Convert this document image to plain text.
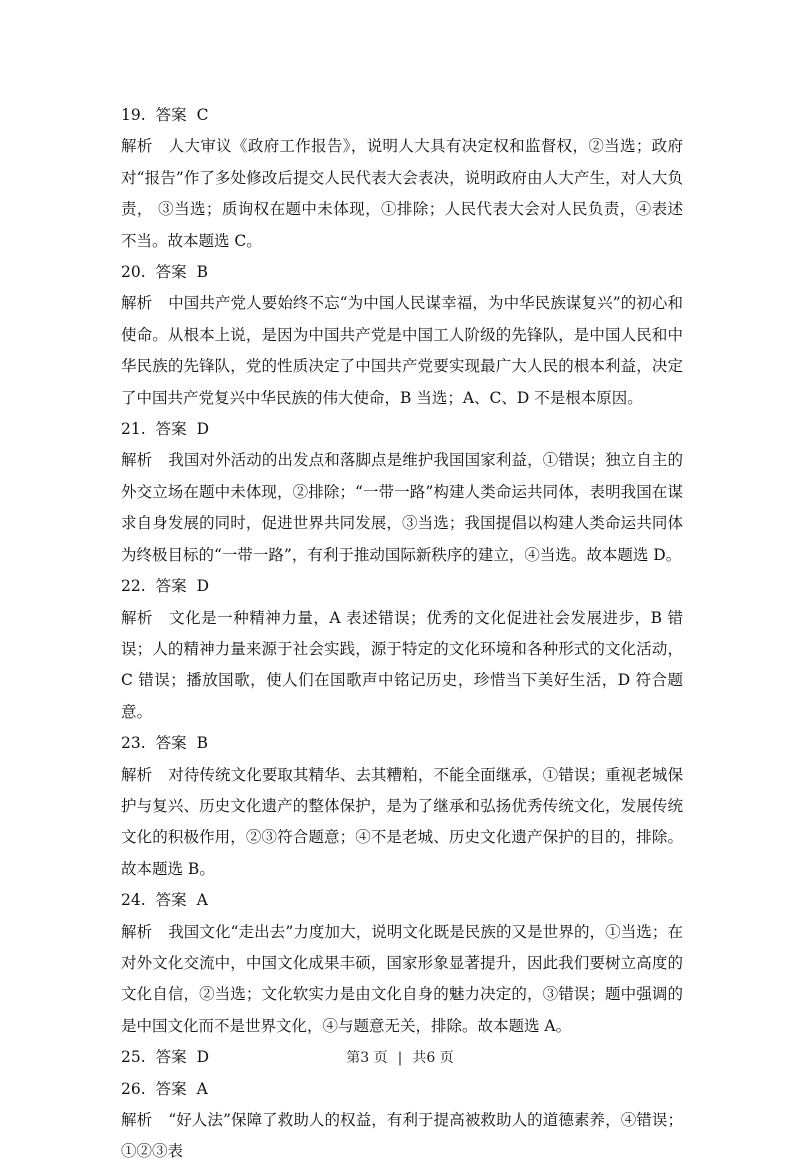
19. 答案 C

解析 人大审议《政府工作报告》，说明人大具有决定权和监督权，②当选；政府对“报告”作了多处修改后提交人民代表大会表决，说明政府由人大产生，对人大负责， ③当选；质询权在题中未体现，①排除；人民代表大会对人民负责，④表述不当。故本题选 C。

20. 答案 B

解析 中国共产党人要始终不忘“为中国人民谋幸福，为中华民族谋复兴”的初心和使命。从根本上说，是因为中国共产党是中国工人阶级的先锋队，是中国人民和中华民族的先锋队，党的性质决定了中国共产党要实现最广大人民的根本利益，决定了中国共产党复兴中华民族的伟大使命，B 当选；A、C、D 不是根本原因。

21. 答案 D

解析 我国对外活动的出发点和落脚点是维护我国国家利益，①错误；独立自主的外交立场在题中未体现，②排除；“一带一路”构建人类命运共同体，表明我国在谋求自身发展的同时，促进世界共同发展，③当选；我国提倡以构建人类命运共同体为终极目标的“一带一路”，有利于推动国际新秩序的建立，④当选。故本题选 D。

22. 答案 D

解析 文化是一种精神力量，A 表述错误；优秀的文化促进社会发展进步，B 错误；人的精神力量来源于社会实践，源于特定的文化环境和各种形式的文化活动，C 错误；播放国歌，使人们在国歌声中铭记历史，珍惜当下美好生活，D 符合题意。

23. 答案 B

解析 对待传统文化要取其精华、去其糟粕，不能全面继承，①错误；重视老城保护与复兴、历史文化遗产的整体保护，是为了继承和弘扬优秀传统文化，发展传统文化的积极作用，②③符合题意；④不是老城、历史文化遗产保护的目的，排除。故本题选 B。

24. 答案 A

解析 我国文化“走出去”力度加大，说明文化既是民族的又是世界的，①当选；在对外文化交流中，中国文化成果丰硕，国家形象显著提升，因此我们要树立高度的文化自信，②当选；文化软实力是由文化自身的魅力决定的，③错误；题中强调的是中国文化而不是世界文化，④与题意无关，排除。故本题选 A。

25. 答案 D
26. 答案 A

解析 “好人法”保障了救助人的权益，有利于提高被救助人的道德素养，④错误；①②③表

第3 页 | 共6 页
